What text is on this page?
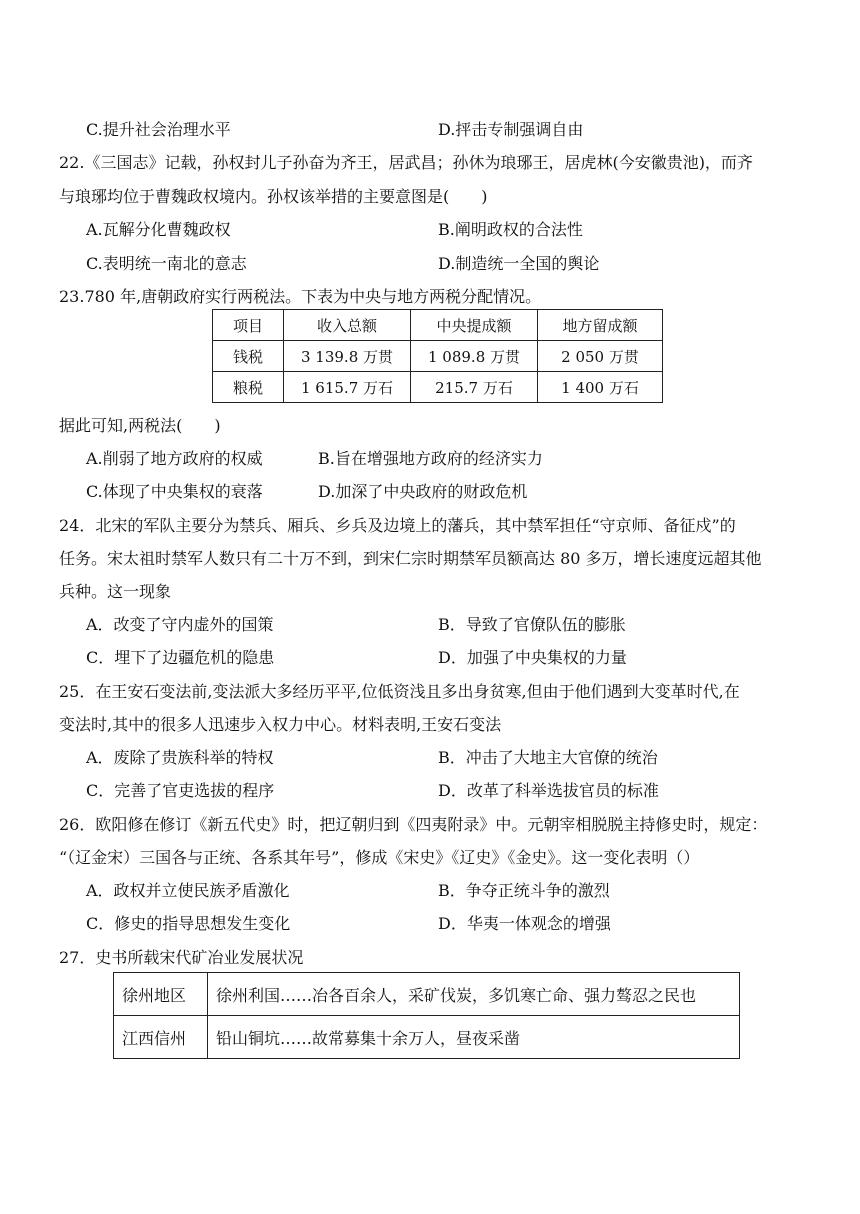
C.提升社会治理水平	D.抨击专制强调自由
22.《三国志》记载，孙权封儿子孙奋为齐王，居武昌；孙休为琅琊王，居虎林(今安徽贵池)，而齐
与琅琊均位于曹魏政权境内。孙权该举措的主要意图是(　　)
A.瓦解分化曹魏政权	B.阐明政权的合法性
C.表明统一南北的意志	D.制造统一全国的舆论
23.780 年,唐朝政府实行两税法。下表为中央与地方两税分配情况。
项目	收入总额	中央提成额	地方留成额
钱税	3 139.8 万贯	1 089.8 万贯	2 050 万贯
粮税	1 615.7 万石	215.7 万石	1 400 万石
据此可知,两税法(　　)
A.削弱了地方政府的权威	B.旨在增强地方政府的经济实力
C.体现了中央集权的衰落	D.加深了中央政府的财政危机
24．北宋的军队主要分为禁兵、厢兵、乡兵及边境上的藩兵，其中禁军担任“守京师、备征戍”的
任务。宋太祖时禁军人数只有二十万不到，到宋仁宗时期禁军员额高达 80 多万，增长速度远超其他
兵种。这一现象
A．改变了守内虚外的国策	B．导致了官僚队伍的膨胀
C．埋下了边疆危机的隐患	D．加强了中央集权的力量
25．在王安石变法前,变法派大多经历平平,位低资浅且多出身贫寒,但由于他们遇到大变革时代,在
变法时,其中的很多人迅速步入权力中心。材料表明,王安石变法
A．废除了贵族科举的特权	B．冲击了大地主大官僚的统治
C．完善了官吏选拔的程序	D．改革了科举选拔官员的标准
26．欧阳修在修订《新五代史》时，把辽朝归到《四夷附录》中。元朝宰相脱脱主持修史时，规定：
“（辽金宋）三国各与正统、各系其年号”，修成《宋史》《辽史》《金史》。这一变化表明（）
A．政权并立使民族矛盾激化	B．争夺正统斗争的激烈
C．修史的指导思想发生变化	D．华夷一体观念的增强
27．史书所载宋代矿冶业发展状况
徐州地区	徐州利国……冶各百余人，采矿伐炭，多饥寒亡命、强力骜忍之民也
江西信州	铅山铜坑……故常募集十余万人，昼夜采凿
